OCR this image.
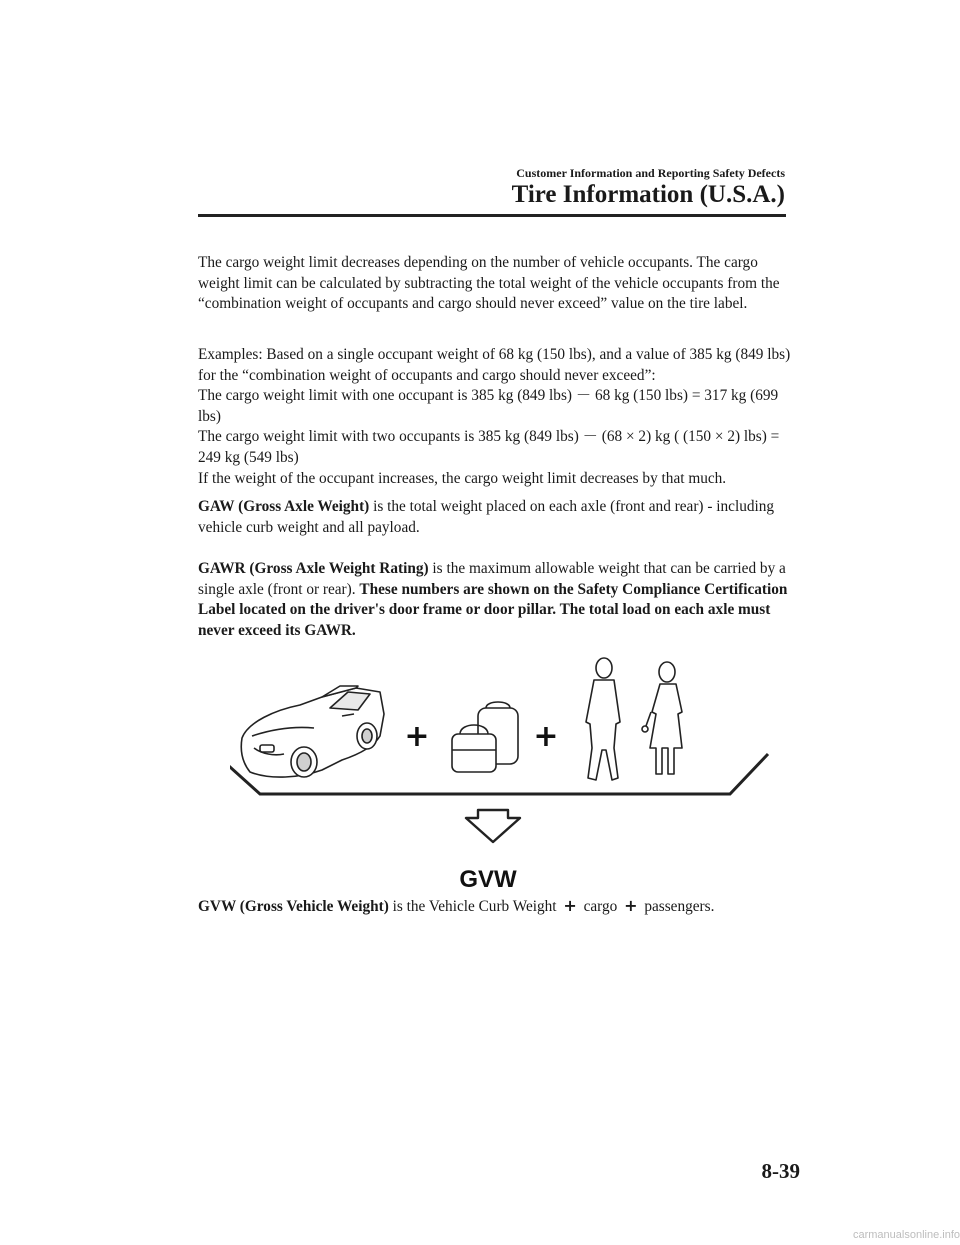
Customer Information and Reporting Safety Defects
Tire Information (U.S.A.)

The cargo weight limit decreases depending on the number of vehicle occupants. The cargo weight limit can be calculated by subtracting the total weight of the vehicle occupants from the “combination weight of occupants and cargo should never exceed” value on the tire label.

Examples: Based on a single occupant weight of 68 kg (150 lbs), and a value of 385 kg (849 lbs) for the “combination weight of occupants and cargo should never exceed”:

The cargo weight limit with one occupant is 385 kg (849 lbs) － 68 kg (150 lbs) = 317 kg (699 lbs)

The cargo weight limit with two occupants is 385 kg (849 lbs) － (68 × 2) kg ( (150 × 2) lbs) = 249 kg (549 lbs)

If the weight of the occupant increases, the cargo weight limit decreases by that much.

GAW (Gross Axle Weight) is the total weight placed on each axle (front and rear) - including vehicle curb weight and all payload.

GAWR (Gross Axle Weight Rating) is the maximum allowable weight that can be carried by a single axle (front or rear). These numbers are shown on the Safety Compliance Certification Label located on the driver's door frame or door pillar. The total load on each axle must never exceed its GAWR.

+	+
GVW
GVW (Gross Vehicle Weight) is the Vehicle Curb Weight + cargo + passengers.
8-39
carmanualsonline.info
